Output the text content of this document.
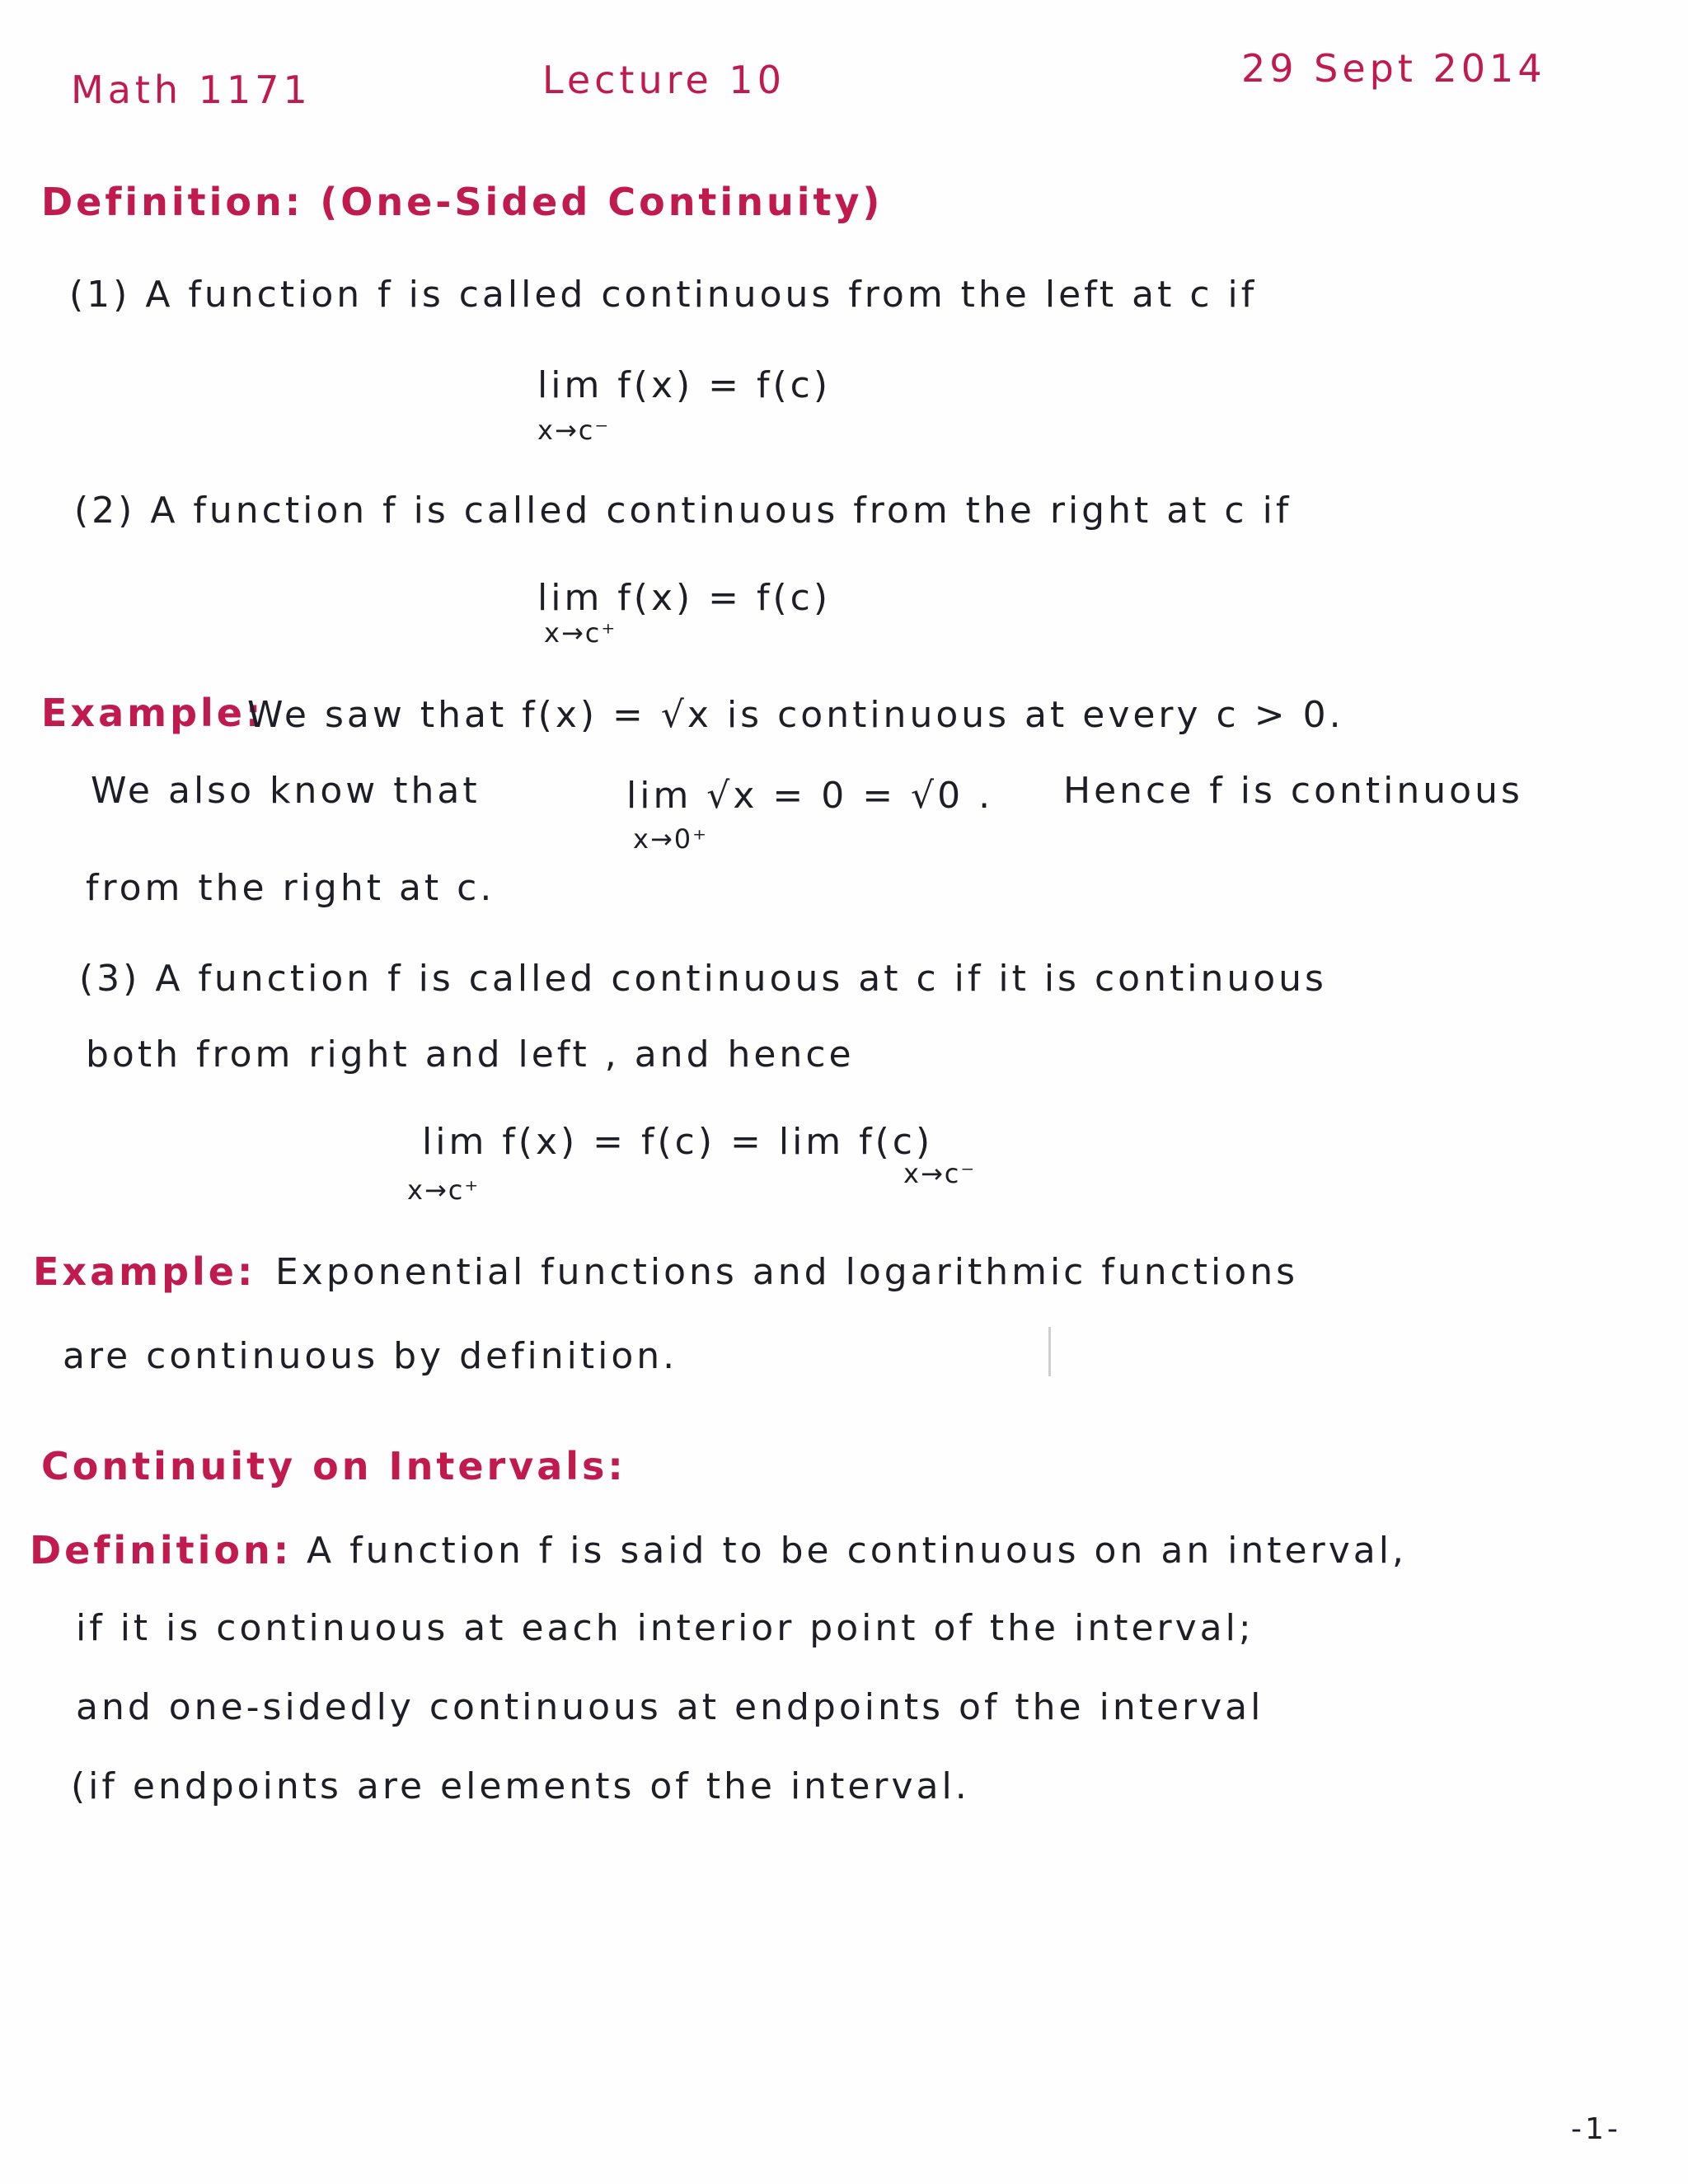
Math 1171	Lecture 10	29 Sept 2014
Definition: (One-Sided Continuity)
(1) A function f is called continuous from the left at c if
lim f(x) = f(c)
x→c⁻
(2) A function f is called continuous from the right at c if
lim f(x) = f(c)
x→c⁺
Example:
We saw that f(x) = √x is continuous at every c > 0.
We also know that	lim √x = 0 = √0 .
x→0⁺
Hence f is continuous
from the right at c.
(3) A function f is called continuous at c if it is continuous
both from right and left , and hence
lim f(x) = f(c) = lim f(c)
x→c⁺
x→c⁻
Example: Exponential functions and logarithmic functions
are continuous by definition.
Continuity on Intervals:
Definition: A function f is said to be continuous on an interval,
if it is continuous at each interior point of the interval;
and one-sidedly continuous at endpoints of the interval
(if endpoints are elements of the interval.
-1-
